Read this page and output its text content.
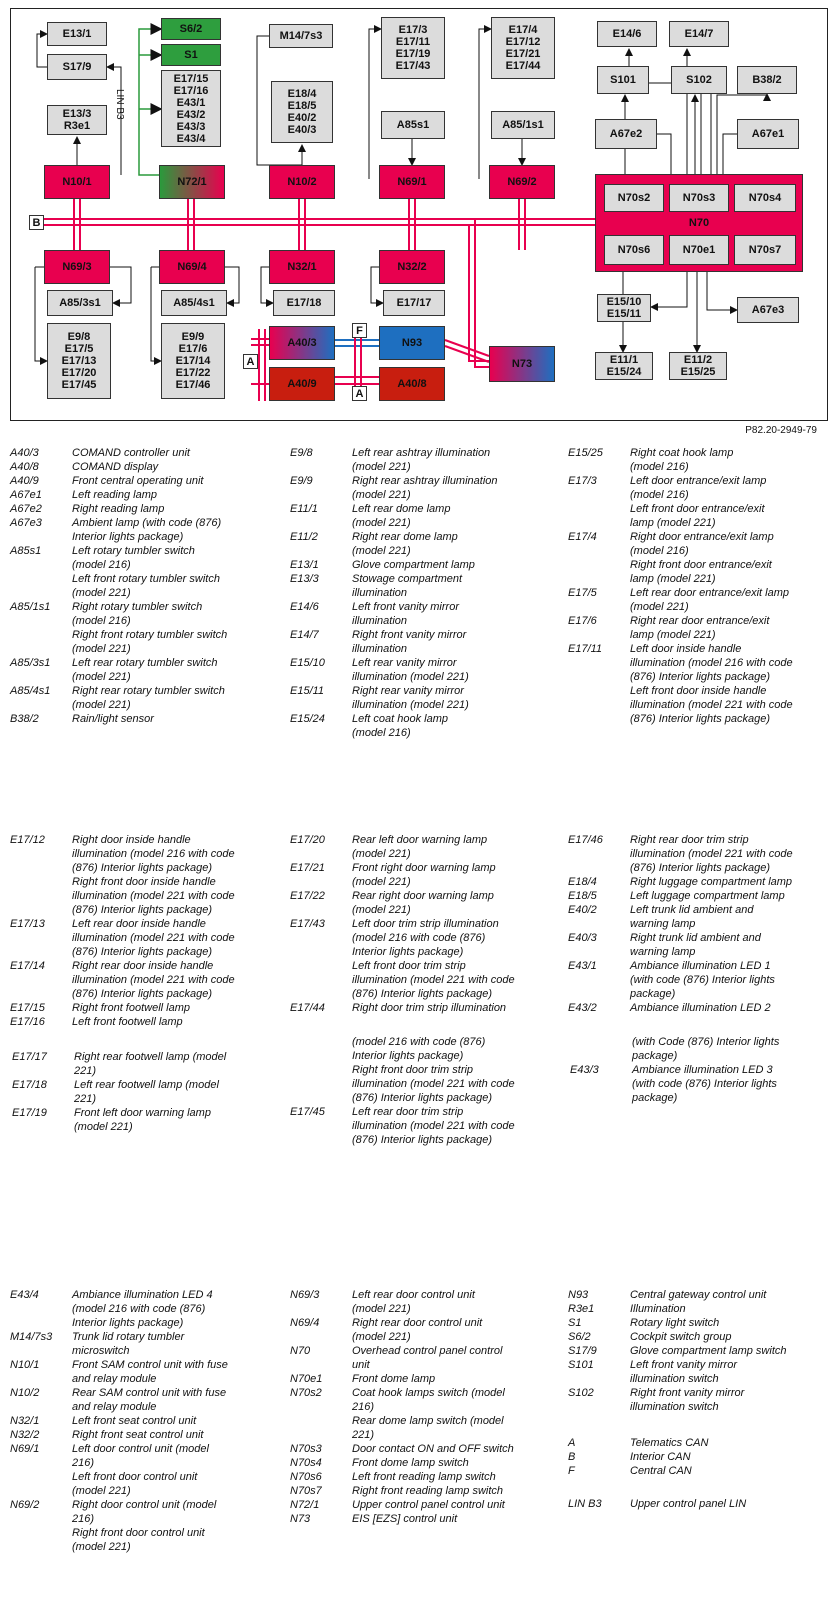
E13/1
S17/9
E13/3
R3e1
S6/2
S1
E17/15
E17/16
E43/1
E43/2
E43/3
E43/4
M14/7s3
E18/4
E18/5
E40/2
E40/3
E17/3
E17/11
E17/19
E17/43
A85s1
E17/4
E17/12
E17/21
E17/44
A85/1s1
E14/6	E14/7
S101	S102	B38/2
A67e2	A67e1
N10/1	N72/1	N10/2	N69/1	N69/2
N70
N70s2	N70s3	N70s4
N70s6	N70e1	N70s7
N69/3	N69/4	N32/1	N32/2
A85/3s1	A85/4s1	E17/18	E17/17
E9/8
E17/5
E17/13
E17/20
E17/45
E9/9
E17/6
E17/14
E17/22
E17/46
A40/3	N93
A40/9	A40/8
N73
E15/10
E15/11	A67e3
E11/1
E15/24
E11/2
E15/25
B
F
A
A
LIN B3
P82.20-2949-79
A40/3	COMAND controller unit
A40/8	COMAND display
A40/9	Front central operating unit
A67e1	Left reading lamp
A67e2	Right reading lamp
A67e3	Ambient lamp (with code (876)
Interior lights package)
A85s1	Left rotary tumbler switch
(model 216)
Left front rotary tumbler switch
(model 221)
A85/1s1	Right rotary tumbler switch
(model 216)
Right front rotary tumbler switch
(model 221)
A85/3s1	Left rear rotary tumbler switch
(model 221)
A85/4s1	Right rear rotary tumbler switch
(model 221)
B38/2	Rain/light sensor
E9/8	Left rear ashtray illumination
(model 221)
E9/9	Right rear ashtray illumination
(model 221)
E11/1	Left rear dome lamp
(model 221)
E11/2	Right rear dome lamp
(model 221)
E13/1	Glove compartment lamp
E13/3	Stowage compartment
illumination
E14/6	Left front vanity mirror
illumination
E14/7	Right front vanity mirror
illumination
E15/10	Left rear vanity mirror
illumination (model 221)
E15/11	Right rear vanity mirror
illumination (model 221)
E15/24	Left coat hook lamp
(model 216)
E15/25	Right coat hook lamp
(model 216)
E17/3	Left door entrance/exit lamp
(model 216)
Left front door entrance/exit
lamp (model 221)
E17/4	Right door entrance/exit lamp
(model 216)
Right front door entrance/exit
lamp (model 221)
E17/5	Left rear door entrance/exit lamp
(model 221)
E17/6	Right rear door entrance/exit
lamp (model 221)
E17/11	Left door inside handle
illumination (model 216 with code
(876) Interior lights package)
Left front door inside handle
illumination (model 221 with code
(876) Interior lights package)
E17/12	Right door inside handle
illumination (model 216 with code
(876) Interior lights package)
Right front door inside handle
illumination (model 221 with code
(876) Interior lights package)
E17/13	Left rear door inside handle
illumination (model 221 with code
(876) Interior lights package)
E17/14	Right rear door inside handle
illumination (model 221 with code
(876) Interior lights package)
E17/15	Right front footwell lamp
E17/16	Left front footwell lamp
E17/17	Right rear footwell lamp (model
221)
E17/18	Left rear footwell lamp (model
221)
E17/19	Front left door warning lamp
(model 221)
E17/20	Rear left door warning lamp
(model 221)
E17/21	Front right door warning lamp
(model 221)
E17/22	Rear right door warning lamp
(model 221)
E17/43	Left door trim strip illumination
(model 216 with code (876)
Interior lights package)
Left front door trim strip
illumination (model 221 with code
(876) Interior lights package)
E17/44	Right door trim strip illumination
(model 216 with code (876)
Interior lights package)
Right front door trim strip
illumination (model 221 with code
(876) Interior lights package)
E17/45	Left rear door trim strip
illumination (model 221 with code
(876) Interior lights package)
E17/46	Right rear door trim strip
illumination (model 221 with code
(876) Interior lights package)
E18/4	Right luggage compartment lamp
E18/5	Left luggage compartment lamp
E40/2	Left trunk lid ambient and
warning lamp
E40/3	Right trunk lid ambient and
warning lamp
E43/1	Ambiance illumination LED 1
(with code (876) Interior lights
package)
E43/2	Ambiance illumination LED 2
(with Code (876) Interior lights
package)
E43/3	Ambiance illumination LED 3
(with code (876) Interior lights
package)
E43/4	Ambiance illumination LED 4
(model 216 with code (876)
Interior lights package)
M14/7s3	Trunk lid rotary tumbler
microswitch
N10/1	Front SAM control unit with fuse
and relay module
N10/2	Rear SAM control unit with fuse
and relay module
N32/1	Left front seat control unit
N32/2	Right front seat control unit
N69/1	Left door control unit (model
216)
Left front door control unit
(model 221)
N69/2	Right door control unit (model
216)
Right front door control unit
(model 221)
N69/3	Left rear door control unit
(model 221)
N69/4	Right rear door control unit
(model 221)
N70	Overhead control panel control
unit
N70e1	Front dome lamp
N70s2	Coat hook lamps switch (model
216)
Rear dome lamp switch (model
221)
N70s3	Door contact ON and OFF switch
N70s4	Front dome lamp switch
N70s6	Left front reading lamp switch
N70s7	Right front reading lamp switch
N72/1	Upper control panel control unit
N73	EIS [EZS] control unit
N93	Central gateway control unit
R3e1	Illumination
S1	Rotary light switch
S6/2	Cockpit switch group
S17/9	Glove compartment lamp switch
S101	Left front vanity mirror
illumination switch
S102	Right front vanity mirror
illumination switch
A	Telematics CAN
B	Interior CAN
F	Central CAN
LIN B3	Upper control panel LIN
